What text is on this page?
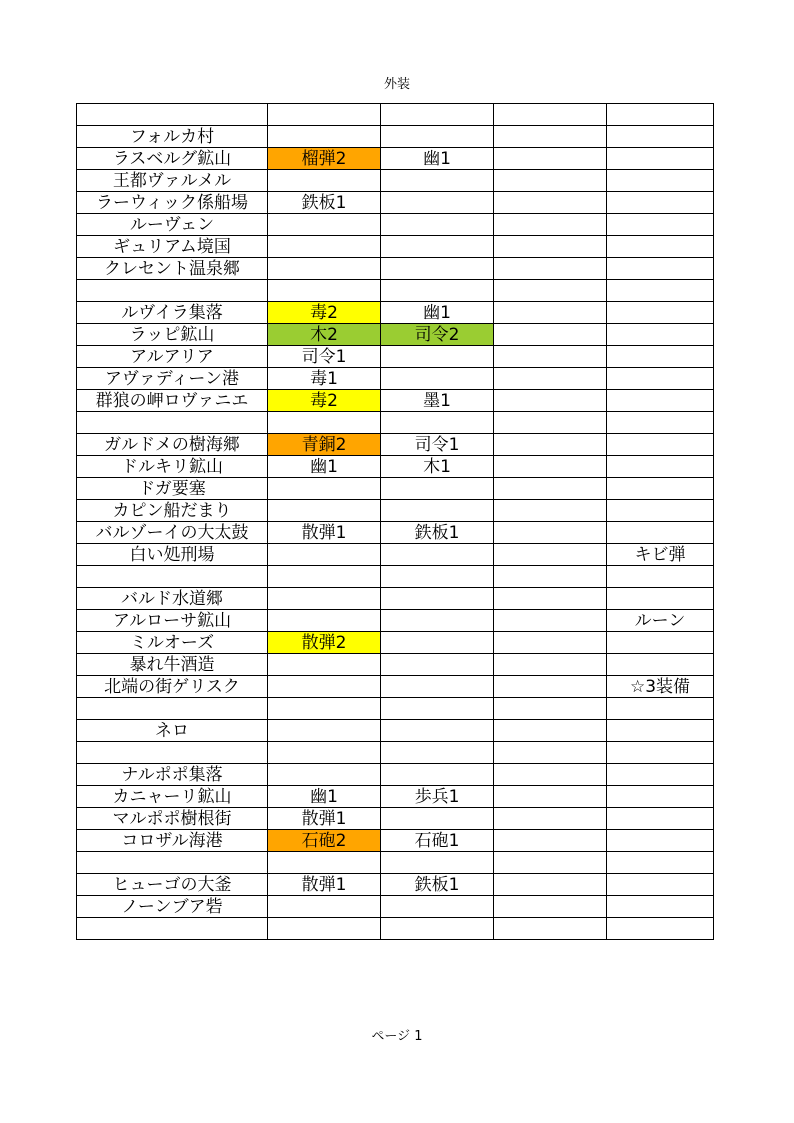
外装

フォルカ村				
ラスベルグ鉱山	榴弾2	幽1		
王都ヴァルメル				
ラーウィック係船場	鉄板1			
ルーヴェン				
ギュリアム境国				
クレセント温泉郷				

ルヴイラ集落	毒2	幽1		
ラッピ鉱山	木2	司令2		
アルアリア	司令1			
アヴァディーン港	毒1			
群狼の岬ロヴァニエ	毒2	墨1		

ガルドメの樹海郷	青銅2	司令1		
ドルキリ鉱山	幽1	木1		
ドガ要塞				
カピン船だまり				
バルゾーイの大太鼓	散弾1	鉄板1		
白い処刑場				キビ弾

バルド水道郷				
アルローサ鉱山				ルーン
ミルオーズ	散弾2			
暴れ牛酒造				
北端の街ゲリスク				☆3装備

ネロ				

ナルポポ集落				
カニャーリ鉱山	幽1	歩兵1		
マルポポ樹根街	散弾1			
コロザル海港	石砲2	石砲1		

ヒューゴの大釜	散弾1	鉄板1		
ノーンブア砦				

ページ 1
